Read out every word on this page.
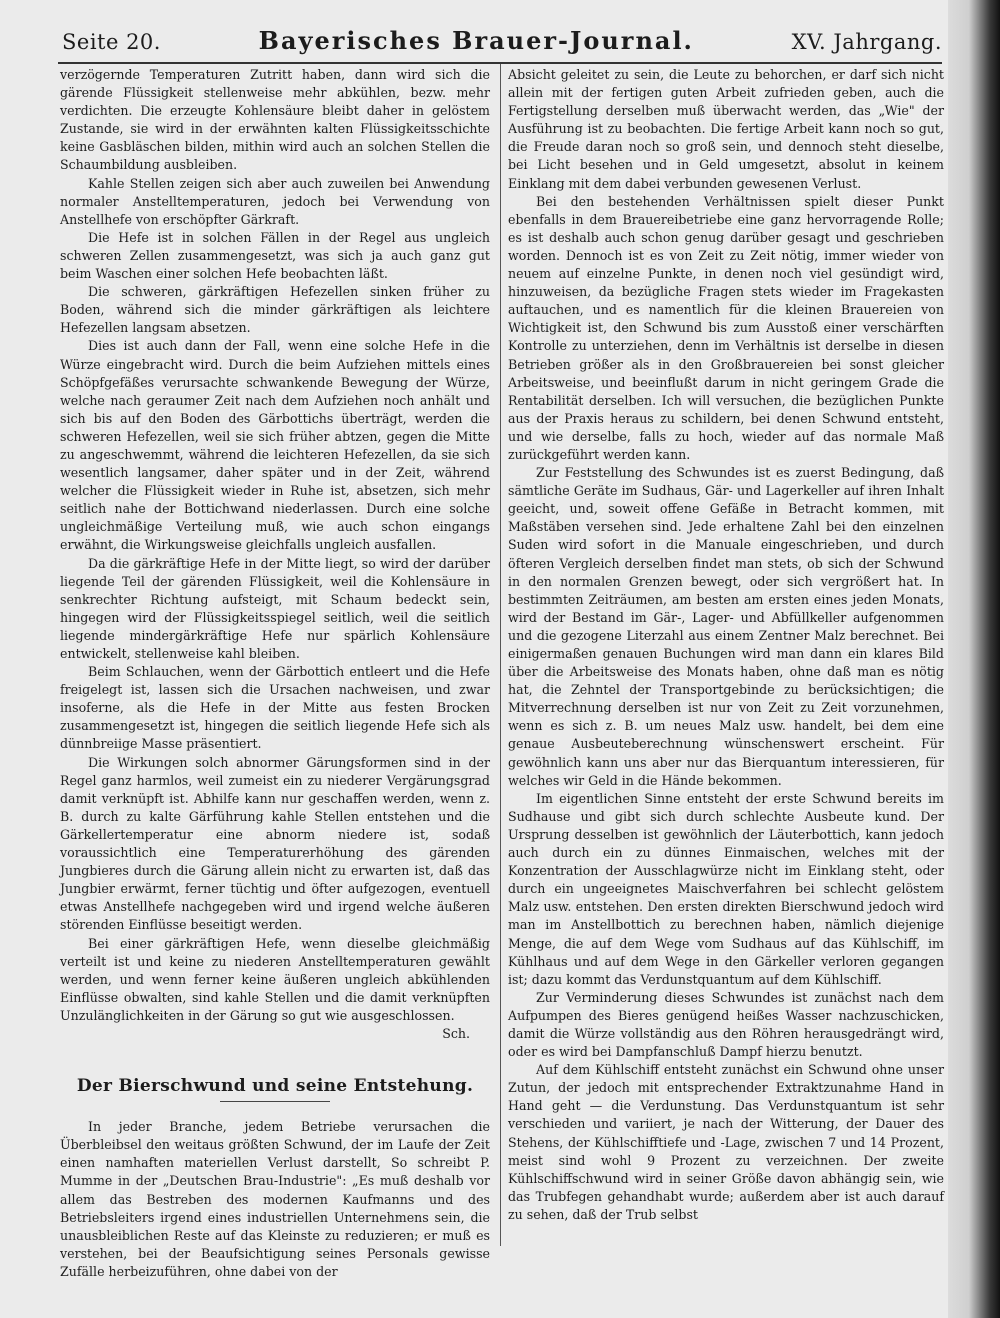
Seite 20.	Bayerisches Brauer-Journal.	XV. Jahrgang.

verzögernde Temperaturen Zutritt haben, dann wird sich die gärende Flüssigkeit stellenweise mehr abkühlen, bezw. mehr verdichten. Die erzeugte Kohlensäure bleibt daher in gelöstem Zustande, sie wird in der erwähnten kalten Flüssigkeitsschichte keine Gasbläschen bilden, mithin wird auch an solchen Stellen die Schaumbildung ausbleiben.

Kahle Stellen zeigen sich aber auch zuweilen bei Anwendung normaler Anstelltemperaturen, jedoch bei Verwendung von Anstellhefe von erschöpfter Gärkraft.

Die Hefe ist in solchen Fällen in der Regel aus ungleich schweren Zellen zusammengesetzt, was sich ja auch ganz gut beim Waschen einer solchen Hefe beobachten läßt.

Die schweren, gärkräftigen Hefezellen sinken früher zu Boden, während sich die minder gärkräftigen als leichtere Hefezellen langsam absetzen.

Dies ist auch dann der Fall, wenn eine solche Hefe in die Würze eingebracht wird. Durch die beim Aufziehen mittels eines Schöpfgefäßes verursachte schwankende Bewegung der Würze, welche nach geraumer Zeit nach dem Aufziehen noch anhält und sich bis auf den Boden des Gärbottichs überträgt, werden die schweren Hefezellen, weil sie sich früher abtzen, gegen die Mitte zu angeschwemmt, während die leichteren Hefezellen, da sie sich wesentlich langsamer, daher später und in der Zeit, während welcher die Flüssigkeit wieder in Ruhe ist, absetzen, sich mehr seitlich nahe der Bottichwand niederlassen. Durch eine solche ungleichmäßige Verteilung muß, wie auch schon eingangs erwähnt, die Wirkungsweise gleichfalls ungleich ausfallen.

Da die gärkräftige Hefe in der Mitte liegt, so wird der darüber liegende Teil der gärenden Flüssigkeit, weil die Kohlensäure in senkrechter Richtung aufsteigt, mit Schaum bedeckt sein, hingegen wird der Flüssigkeitsspiegel seitlich, weil die seitlich liegende mindergärkräftige Hefe nur spärlich Kohlensäure entwickelt, stellenweise kahl bleiben.

Beim Schlauchen, wenn der Gärbottich entleert und die Hefe freigelegt ist, lassen sich die Ursachen nachweisen, und zwar insoferne, als die Hefe in der Mitte aus festen Brocken zusammengesetzt ist, hingegen die seitlich liegende Hefe sich als dünnbreiige Masse präsentiert.

Die Wirkungen solch abnormer Gärungsformen sind in der Regel ganz harmlos, weil zumeist ein zu niederer Vergärungsgrad damit verknüpft ist. Abhilfe kann nur geschaffen werden, wenn z. B. durch zu kalte Gärführung kahle Stellen entstehen und die Gärkellertemperatur eine abnorm niedere ist, sodaß voraussichtlich eine Temperaturerhöhung des gärenden Jungbieres durch die Gärung allein nicht zu erwarten ist, daß das Jungbier erwärmt, ferner tüchtig und öfter aufgezogen, eventuell etwas Anstellhefe nachgegeben wird und irgend welche äußeren störenden Einflüsse beseitigt werden.

Bei einer gärkräftigen Hefe, wenn dieselbe gleichmäßig verteilt ist und keine zu niederen Anstelltemperaturen gewählt werden, und wenn ferner keine äußeren ungleich abkühlenden Einflüsse obwalten, sind kahle Stellen und die damit verknüpften Unzulänglichkeiten in der Gärung so gut wie ausgeschlossen.

Sch.
Der Bierschwund und seine Entstehung.

In jeder Branche, jedem Betriebe verursachen die Überbleibsel den weitaus größten Schwund, der im Laufe der Zeit einen namhaften materiellen Verlust darstellt, So schreibt P. Mumme in der „Deutschen Brau-Industrie": „Es muß deshalb vor allem das Bestreben des modernen Kaufmanns und des Betriebsleiters irgend eines industriellen Unternehmens sein, die unausbleiblichen Reste auf das Kleinste zu reduzieren; er muß es verstehen, bei der Beaufsichtigung seines Personals gewisse Zufälle herbeizuführen, ohne dabei von der

Absicht geleitet zu sein, die Leute zu behorchen, er darf sich nicht allein mit der fertigen guten Arbeit zufrieden geben, auch die Fertigstellung derselben muß überwacht werden, das „Wie" der Ausführung ist zu beobachten. Die fertige Arbeit kann noch so gut, die Freude daran noch so groß sein, und dennoch steht dieselbe, bei Licht besehen und in Geld umgesetzt, absolut in keinem Einklang mit dem dabei verbunden gewesenen Verlust.

Bei den bestehenden Verhältnissen spielt dieser Punkt ebenfalls in dem Brauereibetriebe eine ganz hervorragende Rolle; es ist deshalb auch schon genug darüber gesagt und geschrieben worden. Dennoch ist es von Zeit zu Zeit nötig, immer wieder von neuem auf einzelne Punkte, in denen noch viel gesündigt wird, hinzuweisen, da bezügliche Fragen stets wieder im Fragekasten auftauchen, und es namentlich für die kleinen Brauereien von Wichtigkeit ist, den Schwund bis zum Ausstoß einer verschärften Kontrolle zu unterziehen, denn im Verhältnis ist derselbe in diesen Betrieben größer als in den Großbrauereien bei sonst gleicher Arbeitsweise, und beeinflußt darum in nicht geringem Grade die Rentabilität derselben. Ich will versuchen, die bezüglichen Punkte aus der Praxis heraus zu schildern, bei denen Schwund entsteht, und wie derselbe, falls zu hoch, wieder auf das normale Maß zurückgeführt werden kann.

Zur Feststellung des Schwundes ist es zuerst Bedingung, daß sämtliche Geräte im Sudhaus, Gär- und Lagerkeller auf ihren Inhalt geeicht, und, soweit offene Gefäße in Betracht kommen, mit Maßstäben versehen sind. Jede erhaltene Zahl bei den einzelnen Suden wird sofort in die Manuale eingeschrieben, und durch öfteren Vergleich derselben findet man stets, ob sich der Schwund in den normalen Grenzen bewegt, oder sich vergrößert hat. In bestimmten Zeiträumen, am besten am ersten eines jeden Monats, wird der Bestand im Gär-, Lager- und Abfüllkeller aufgenommen und die gezogene Literzahl aus einem Zentner Malz berechnet. Bei einigermaßen genauen Buchungen wird man dann ein klares Bild über die Arbeitsweise des Monats haben, ohne daß man es nötig hat, die Zehntel der Transportgebinde zu berücksichtigen; die Mitverrechnung derselben ist nur von Zeit zu Zeit vorzunehmen, wenn es sich z. B. um neues Malz usw. handelt, bei dem eine genaue Ausbeuteberechnung wünschenswert erscheint. Für gewöhnlich kann uns aber nur das Bierquantum interessieren, für welches wir Geld in die Hände bekommen.

Im eigentlichen Sinne entsteht der erste Schwund bereits im Sudhause und gibt sich durch schlechte Ausbeute kund. Der Ursprung desselben ist gewöhnlich der Läuterbottich, kann jedoch auch durch ein zu dünnes Einmaischen, welches mit der Konzentration der Ausschlagwürze nicht im Einklang steht, oder durch ein ungeeignetes Maischverfahren bei schlecht gelöstem Malz usw. entstehen. Den ersten direkten Bierschwund jedoch wird man im Anstellbottich zu berechnen haben, nämlich diejenige Menge, die auf dem Wege vom Sudhaus auf das Kühlschiff, im Kühlhaus und auf dem Wege in den Gärkeller verloren gegangen ist; dazu kommt das Verdunstquantum auf dem Kühlschiff.

Zur Verminderung dieses Schwundes ist zunächst nach dem Aufpumpen des Bieres genügend heißes Wasser nachzuschicken, damit die Würze vollständig aus den Röhren herausgedrängt wird, oder es wird bei Dampfanschluß Dampf hierzu benutzt.

Auf dem Kühlschiff entsteht zunächst ein Schwund ohne unser Zutun, der jedoch mit entsprechender Extraktzunahme Hand in Hand geht — die Verdunstung. Das Verdunstquantum ist sehr verschieden und variiert, je nach der Witterung, der Dauer des Stehens, der Kühlschifftiefe und -Lage, zwischen 7 und 14 Prozent, meist sind wohl 9 Prozent zu verzeichnen. Der zweite Kühlschiffschwund wird in seiner Größe davon abhängig sein, wie das Trubfegen gehandhabt wurde; außerdem aber ist auch darauf zu sehen, daß der Trub selbst
